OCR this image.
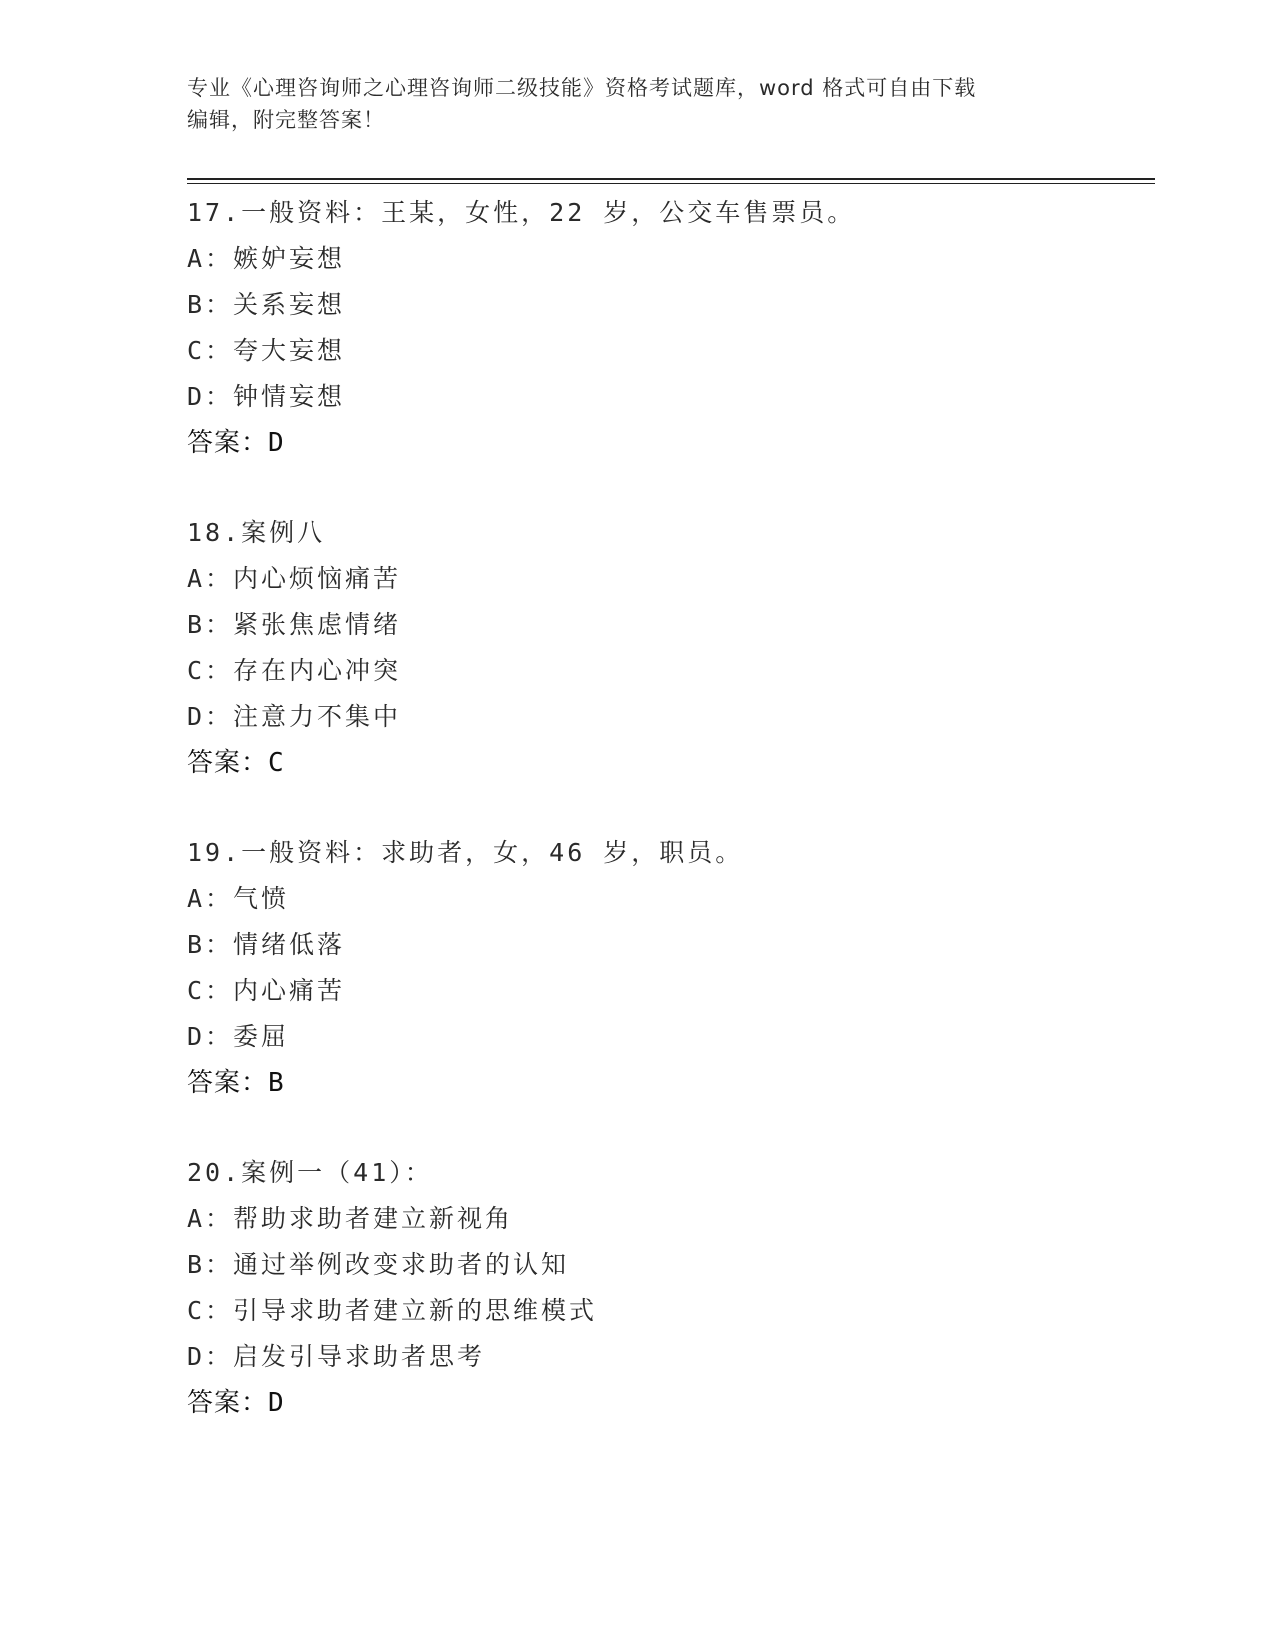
专业《心理咨询师之心理咨询师二级技能》资格考试题库，word 格式可自由下载
编辑，附完整答案！
17.一般资料：王某，女性，22 岁，公交车售票员。
A：嫉妒妄想
B：关系妄想
C：夸大妄想
D：钟情妄想
答案：D
18.案例八
A：内心烦恼痛苦
B：紧张焦虑情绪
C：存在内心冲突
D：注意力不集中
答案：C
19.一般资料：求助者，女，46 岁，职员。
A：气愤
B：情绪低落
C：内心痛苦
D：委屈
答案：B
20.案例一（41）：
A：帮助求助者建立新视角
B：通过举例改变求助者的认知
C：引导求助者建立新的思维模式
D：启发引导求助者思考
答案：D
